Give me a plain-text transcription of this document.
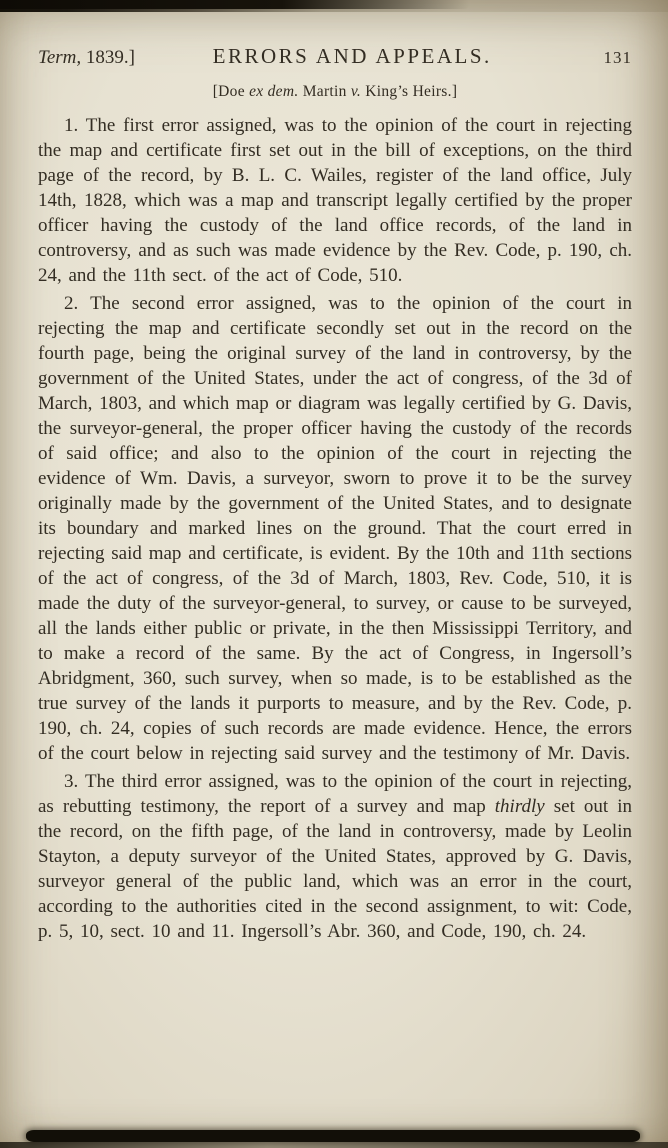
Term, 1839.]	ERRORS AND APPEALS.	131
[Doe ex dem. Martin v. King’s Heirs.]

1. The first error assigned, was to the opinion of the court in rejecting the map and certificate first set out in the bill of exceptions, on the third page of the record, by B. L. C. Wailes, register of the land office, July 14th, 1828, which was a map and transcript legally certified by the proper officer having the custody of the land office records, of the land in controversy, and as such was made evidence by the Rev. Code, p. 190, ch. 24, and the 11th sect. of the act of Code, 510.

2. The second error assigned, was to the opinion of the court in rejecting the map and certificate secondly set out in the record on the fourth page, being the original survey of the land in controversy, by the government of the United States, under the act of congress, of the 3d of March, 1803, and which map or diagram was legally certified by G. Davis, the surveyor-general, the proper officer having the custody of the records of said office; and also to the opinion of the court in rejecting the evidence of Wm. Davis, a surveyor, sworn to prove it to be the survey originally made by the government of the United States, and to designate its boundary and marked lines on the ground. That the court erred in rejecting said map and certificate, is evident. By the 10th and 11th sections of the act of congress, of the 3d of March, 1803, Rev. Code, 510, it is made the duty of the surveyor-general, to survey, or cause to be surveyed, all the lands either public or private, in the then Mississippi Territory, and to make a record of the same. By the act of Congress, in Ingersoll’s Abridgment, 360, such survey, when so made, is to be established as the true survey of the lands it purports to measure, and by the Rev. Code, p. 190, ch. 24, copies of such records are made evidence. Hence, the errors of the court below in rejecting said survey and the testimony of Mr. Davis.

3. The third error assigned, was to the opinion of the court in rejecting, as rebutting testimony, the report of a survey and map thirdly set out in the record, on the fifth page, of the land in controversy, made by Leolin Stayton, a deputy surveyor of the United States, approved by G. Davis, surveyor general of the public land, which was an error in the court, according to the authorities cited in the second assignment, to wit: Code, p. 5, 10, sect. 10 and 11. Ingersoll’s Abr. 360, and Code, 190, ch. 24.
